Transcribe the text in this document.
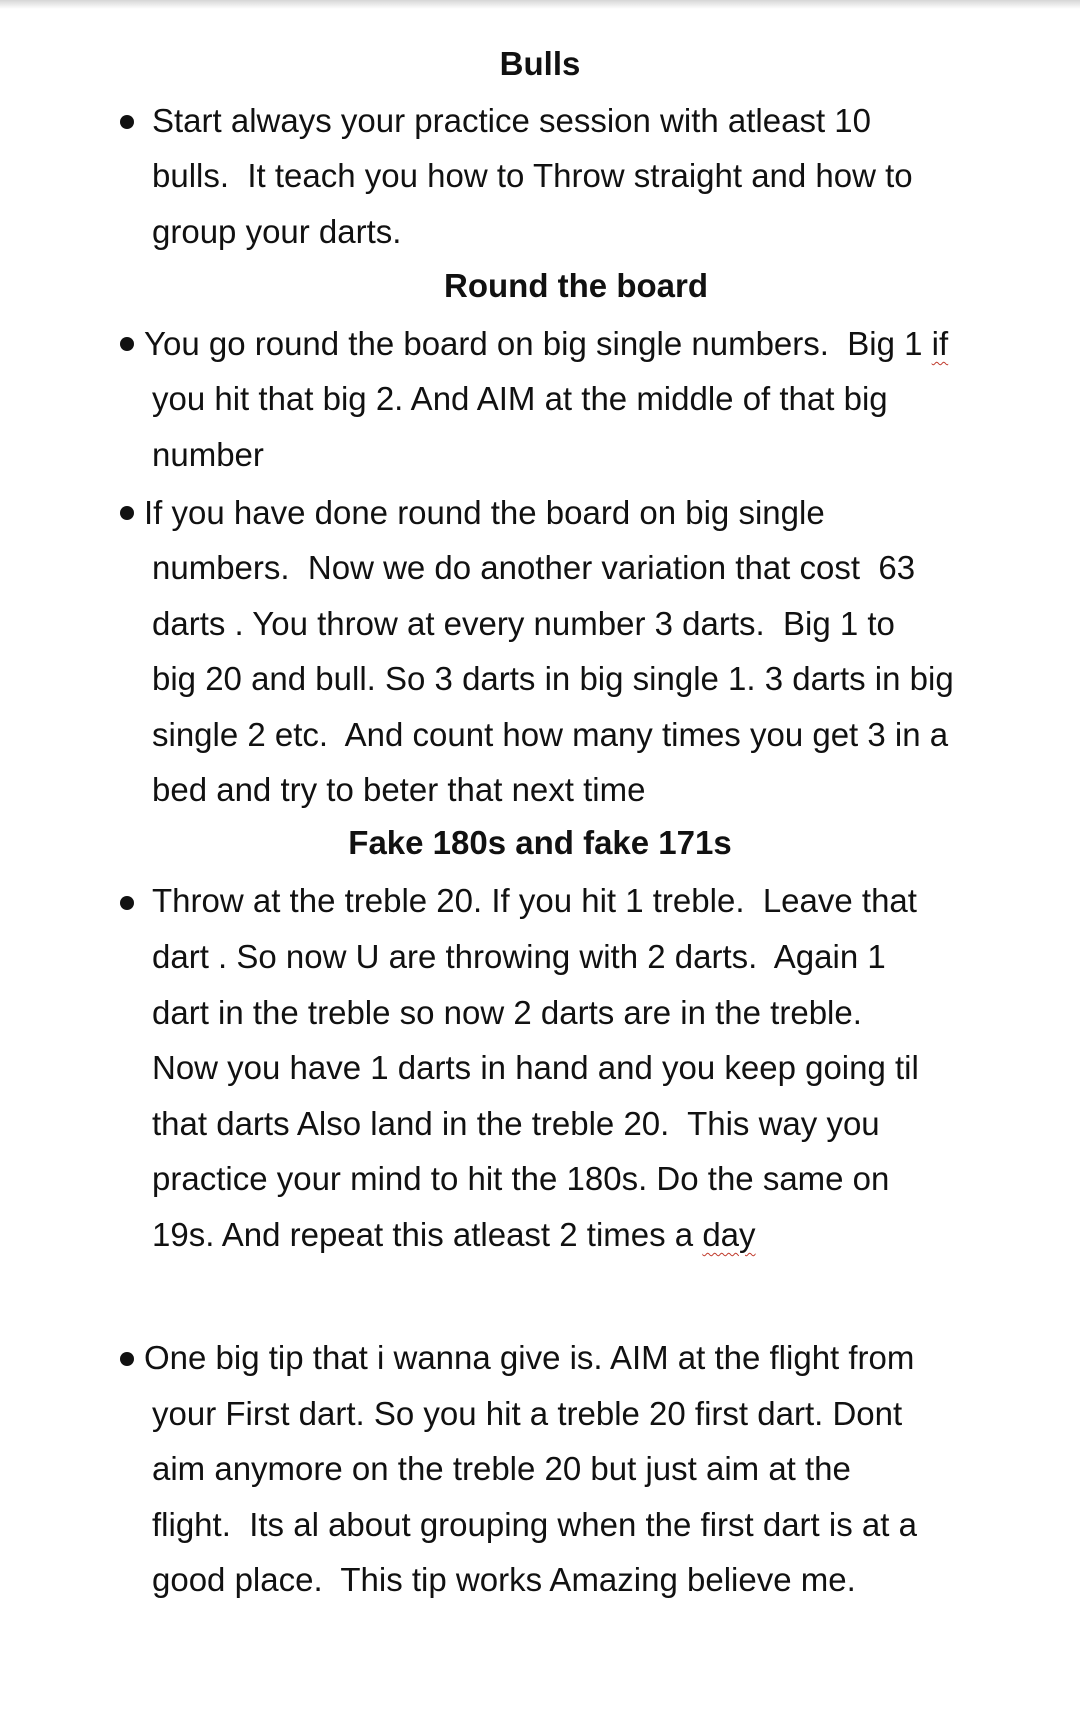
Bulls

Start always your practice session with atleast 10

bulls.  It teach you how to Throw straight and how to

group your darts.

Round the board

You go round the board on big single numbers.  Big 1 if

you hit that big 2. And AIM at the middle of that big

number

If you have done round the board on big single

numbers.  Now we do another variation that cost  63

darts . You throw at every number 3 darts.  Big 1 to

big 20 and bull. So 3 darts in big single 1. 3 darts in big

single 2 etc.  And count how many times you get 3 in a

bed and try to beter that next time

Fake 180s and fake 171s

Throw at the treble 20. If you hit 1 treble.  Leave that

dart . So now U are throwing with 2 darts.  Again 1

dart in the treble so now 2 darts are in the treble.

Now you have 1 darts in hand and you keep going til

that darts Also land in the treble 20.  This way you

practice your mind to hit the 180s. Do the same on

19s. And repeat this atleast 2 times a day

One big tip that i wanna give is. AIM at the flight from

your First dart. So you hit a treble 20 first dart. Dont

aim anymore on the treble 20 but just aim at the

flight.  Its al about grouping when the first dart is at a

good place.  This tip works Amazing believe me.
